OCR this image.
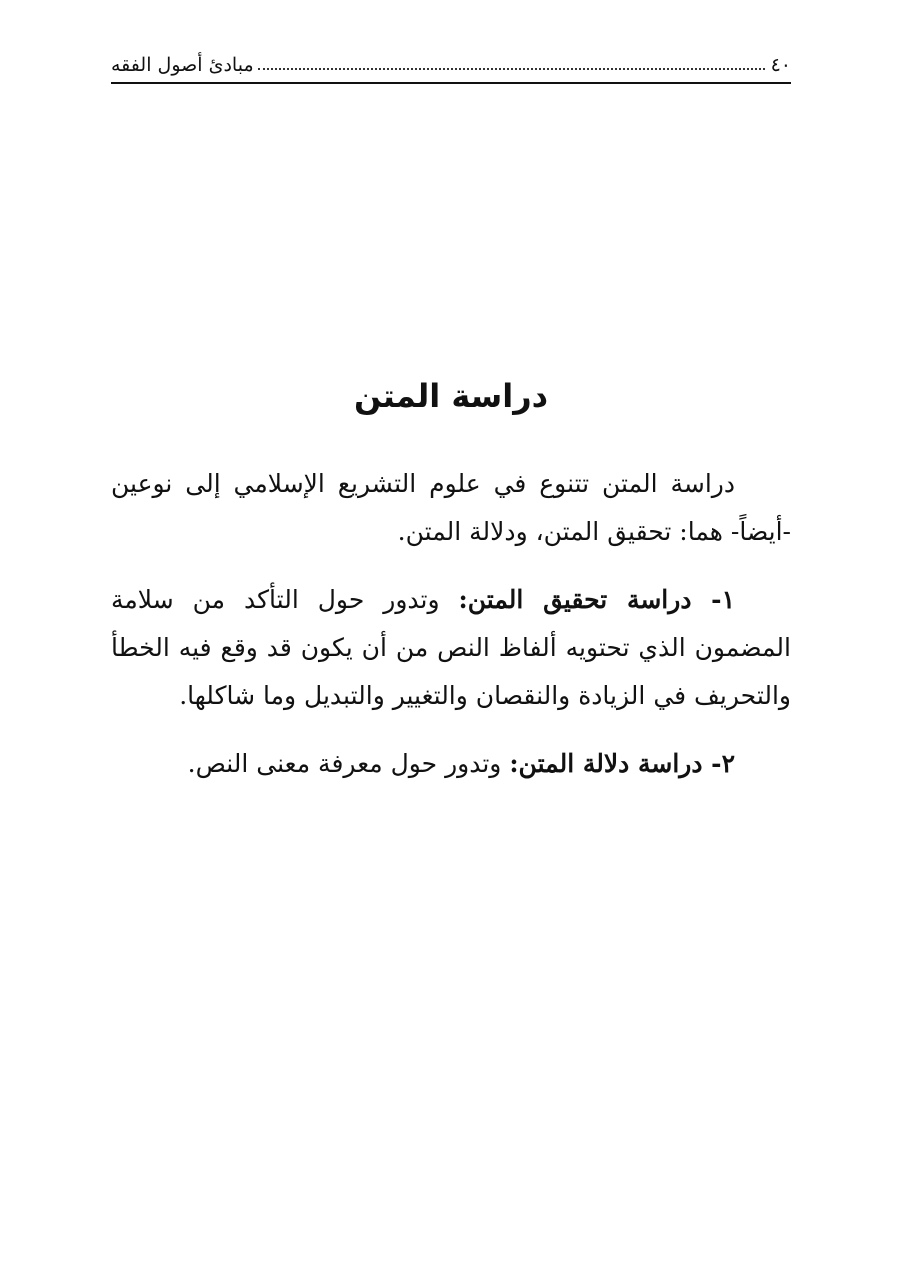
٤٠
مبادئ أصول الفقه
دراسة المتن

دراسة المتن تتنوع في علوم التشريع الإسلامي إلى نوعين -أيضاً- هما: تحقيق المتن، ودلالة المتن.

١- دراسة تحقيق المتن: وتدور حول التأكد من سلامة المضمون الذي تحتويه ألفاظ النص من أن يكون قد وقع فيه الخطأ والتحريف في الزيادة والنقصان والتغيير والتبديل وما شاكلها.

٢- دراسة دلالة المتن: وتدور حول معرفة معنى النص.
